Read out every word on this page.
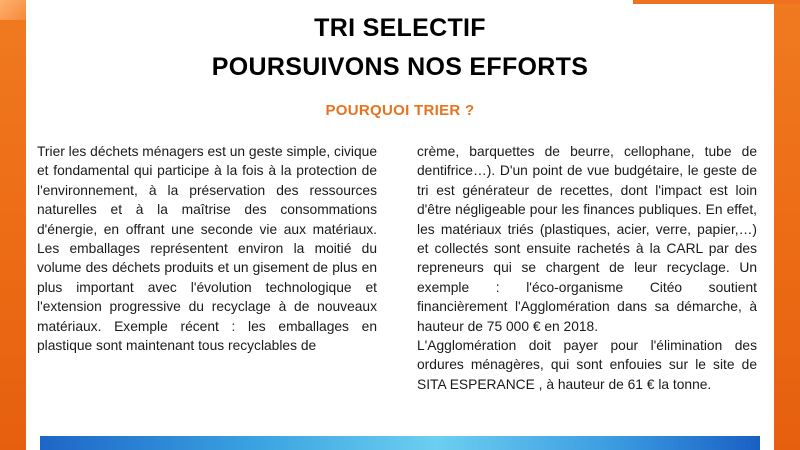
TRI SELECTIF
POURSUIVONS NOS EFFORTS
POURQUOI TRIER ?

Trier les déchets ménagers est un geste simple, civique et fondamental qui participe à la fois à la protection de l'environnement, à la préservation des ressources naturelles et à la maîtrise des consommations d'énergie, en offrant une seconde vie aux matériaux. Les emballages représentent environ la moitié du volume des déchets produits et un gisement de plus en plus important avec l'évolution technologique et l'extension progressive du recyclage à de nouveaux matériaux. Exemple récent : les emballages en plastique sont maintenant tous recyclables de

crème, barquettes de beurre, cellophane, tube de dentifrice…). D'un point de vue budgétaire, le geste de tri est générateur de recettes, dont l'impact est loin d'être négligeable pour les finances publiques. En effet, les matériaux triés (plastiques, acier, verre, papier,…) et collectés sont ensuite rachetés à la CARL par des repreneurs qui se chargent de leur recyclage. Un exemple : l'éco-organisme Citéo soutient financièrement l'Agglomération dans sa démarche, à hauteur de 75 000 € en 2018.

L'Agglomération doit payer pour l'élimination des ordures ménagères, qui sont enfouies sur le site de SITA ESPERANCE , à hauteur de 61 € la tonne.
